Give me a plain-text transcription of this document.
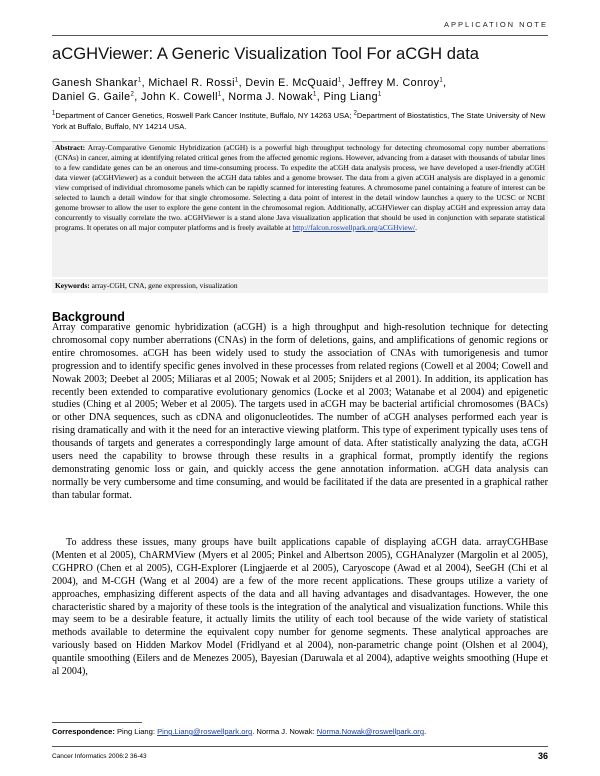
APPLICATION NOTE
aCGHViewer: A Generic Visualization Tool For aCGH data
Ganesh Shankar$^1$, Michael R. Rossi$^1$, Devin E. McQuaid$^1$, Jeffrey M. Conroy$^1$,
Daniel G. Gaile$^2$, John K. Cowell$^1$, Norma J. Nowak$^1$, Ping Liang$^1$
$^1$Department of Cancer Genetics, Roswell Park Cancer Institute, Buffalo, NY 14263 USA; $^2$Department of Biostatistics, The State University of New York at Buffalo, Buffalo, NY 14214 USA.
Abstract: Array-Comparative Genomic Hybridization (aCGH) is a powerful high throughput technology for detecting chromosomal copy number aberrations (CNAs) in cancer, aiming at identifying related critical genes from the affected genomic regions. However, advancing from a dataset with thousands of tabular lines to a few candidate genes can be an onerous and time-consuming process. To expedite the aCGH data analysis process, we have developed a user-friendly aCGH data viewer (aCGHViewer) as a conduit between the aCGH data tables and a genome browser. The data from a given aCGH analysis are displayed in a genomic view comprised of individual chromosome panels which can be rapidly scanned for interesting features. A chromosome panel containing a feature of interest can be selected to launch a detail window for that single chromosome. Selecting a data point of interest in the detail window launches a query to the UCSC or NCBI genome browser to allow the user to explore the gene content in the chromosomal region. Additionally, aCGHViewer can display aCGH and expression array data concurrently to visually correlate the two. aCGHViewer is a stand alone Java visualization application that should be used in conjunction with separate statistical programs. It operates on all major computer platforms and is freely available at http://falcon.roswellpark.org/aCGHview/.
Keywords: array-CGH, CNA, gene expression, visualization
Background
Array comparative genomic hybridization (aCGH) is a high throughput and high-resolution technique for detecting chromosomal copy number aberrations (CNAs) in the form of deletions, gains, and amplifications of genomic regions or entire chromosomes. aCGH has been widely used to study the association of CNAs with tumorigenesis and tumor progression and to identify specific genes involved in these processes from related regions (Cowell et al 2004; Cowell and Nowak 2003; Deebet al 2005; Miliaras et al 2005; Nowak et al 2005; Snijders et al 2001). In addition, its application has recently been extended to comparative evolutionary genomics (Locke et al 2003; Watanabe et al 2004) and epigenetic studies (Ching et al 2005; Weber et al 2005). The targets used in aCGH may be bacterial artificial chromosomes (BACs) or other DNA sequences, such as cDNA and oligonucleotides. The number of aCGH analyses performed each year is rising dramatically and with it the need for an interactive viewing platform. This type of experiment typically uses tens of thousands of targets and generates a correspondingly large amount of data. After statistically analyzing the data, aCGH users need the capability to browse through these results in a graphical format, promptly identify the regions demonstrating genomic loss or gain, and quickly access the gene annotation information. aCGH data analysis can normally be very cumbersome and time consuming, and would be facilitated if the data are presented in a graphical rather than tabular format.
To address these issues, many groups have built applications capable of displaying aCGH data. arrayCGHBase (Menten et al 2005), ChARMView (Myers et al 2005; Pinkel and Albertson 2005), CGHAnalyzer (Margolin et al 2005), CGHPRO (Chen et al 2005), CGH-Explorer (Lingjaerde et al 2005), Caryoscope (Awad et al 2004), SeeGH (Chi et al 2004), and M-CGH (Wang et al 2004) are a few of the more recent applications. These groups utilize a variety of approaches, emphasizing different aspects of the data and all having advantages and disadvantages. However, the one characteristic shared by a majority of these tools is the integration of the analytical and visualization functions. While this may seem to be a desirable feature, it actually limits the utility of each tool because of the wide variety of statistical methods available to determine the equivalent copy number for genome segments. These analytical approaches are variously based on Hidden Markov Model (Fridlyand et al 2004), non-parametric change point (Olshen et al 2004), quantile smoothing (Eilers and de Menezes 2005), Bayesian (Daruwala et al 2004), adaptive weights smoothing (Hupe et al 2004),
Correspondence: Ping Liang: Ping.Liang@roswellpark.org. Norma J. Nowak: Norma.Nowak@roswellpark.org.
Cancer Informatics 2006:2 36-43	36
